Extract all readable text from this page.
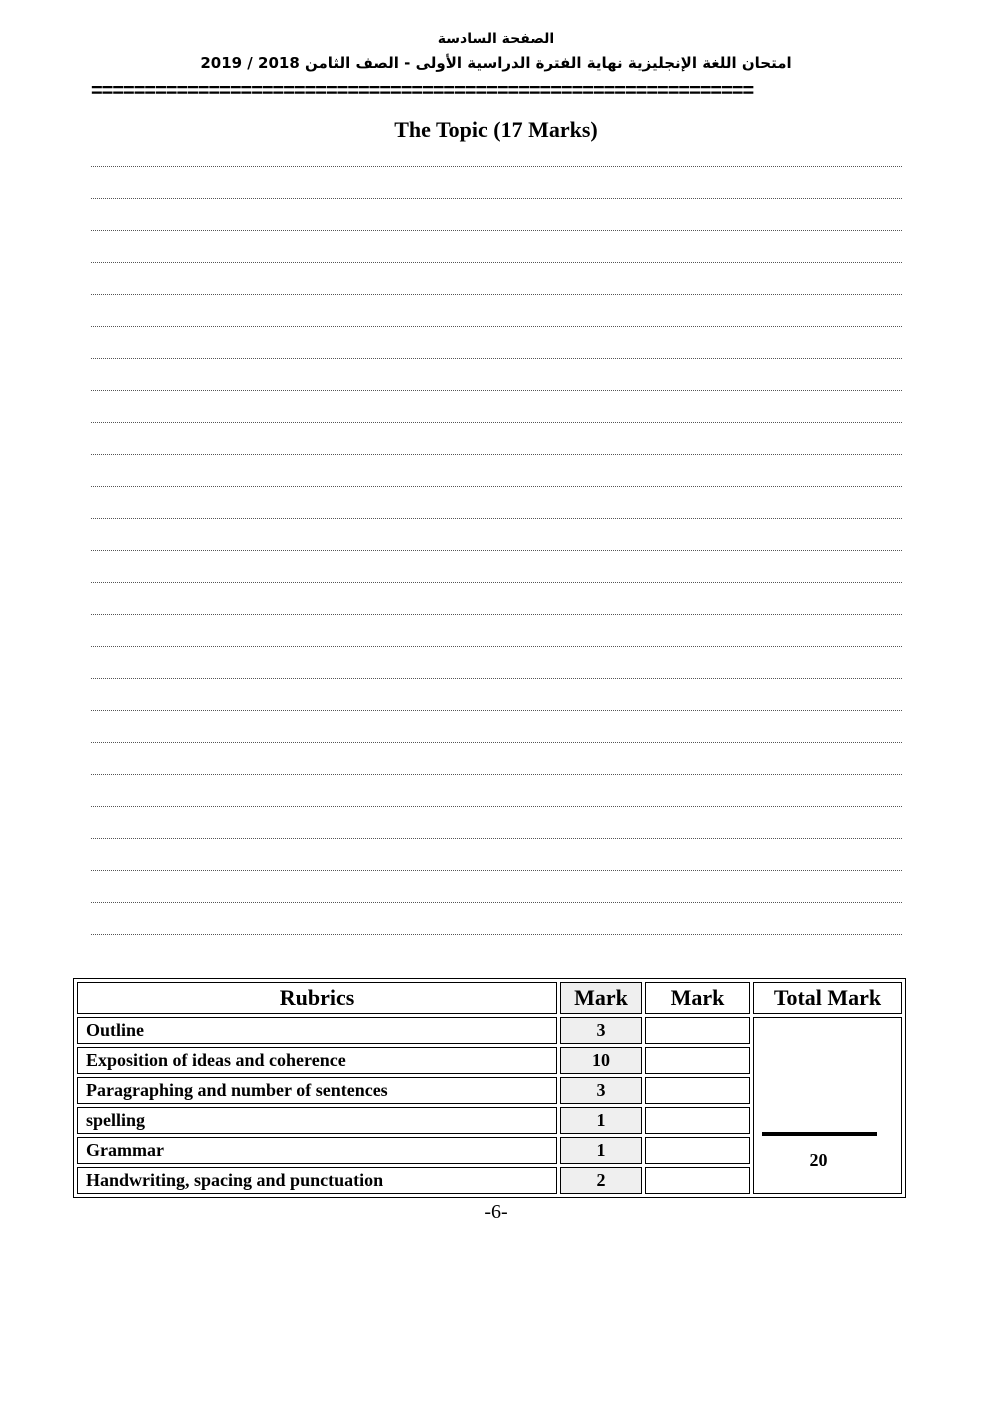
الصفحة السادسة
امتحان اللغة الإنجليزية نهاية الفترة الدراسية الأولى - الصف الثامن 2018 / 2019
==============================================================
The Topic (17 Marks)
Rubrics	Mark	Mark	Total Mark
Outline	3		20

Exposition of ideas and coherence	10		
Paragraphing and number of sentences	3		
spelling	1		
Grammar	1		
Handwriting, spacing and punctuation	2		
-6-
